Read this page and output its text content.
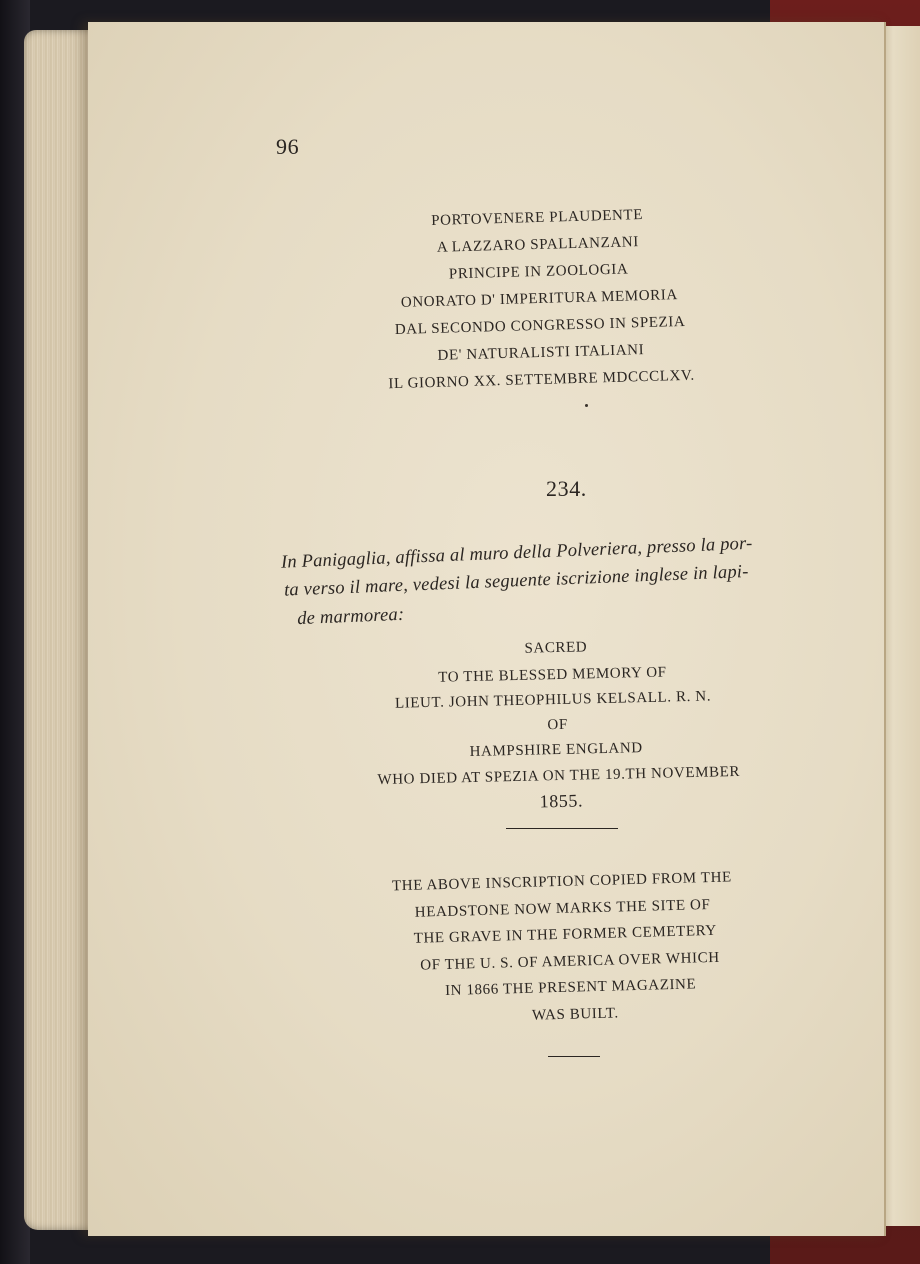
96
PORTOVENERE PLAUDENTE
A LAZZARO SPALLANZANI
PRINCIPE IN ZOOLOGIA
ONORATO D' IMPERITURA MEMORIA
DAL SECONDO CONGRESSO IN SPEZIA
DE' NATURALISTI ITALIANI
IL GIORNO XX. SETTEMBRE MDCCCLXV.
234.
In Panigaglia, affissa al muro della Polveriera, presso la por-
ta verso il mare, vedesi la seguente iscrizione inglese in lapi-
de marmorea:
SACRED
TO THE BLESSED MEMORY OF
LIEUT. JOHN THEOPHILUS KELSALL. R. N.
OF
HAMPSHIRE ENGLAND
WHO DIED AT SPEZIA ON THE 19.TH NOVEMBER
1855.
THE ABOVE INSCRIPTION COPIED FROM THE
HEADSTONE NOW MARKS THE SITE OF
THE GRAVE IN THE FORMER CEMETERY
OF THE U. S. OF AMERICA OVER WHICH
IN 1866 THE PRESENT MAGAZINE
WAS BUILT.
